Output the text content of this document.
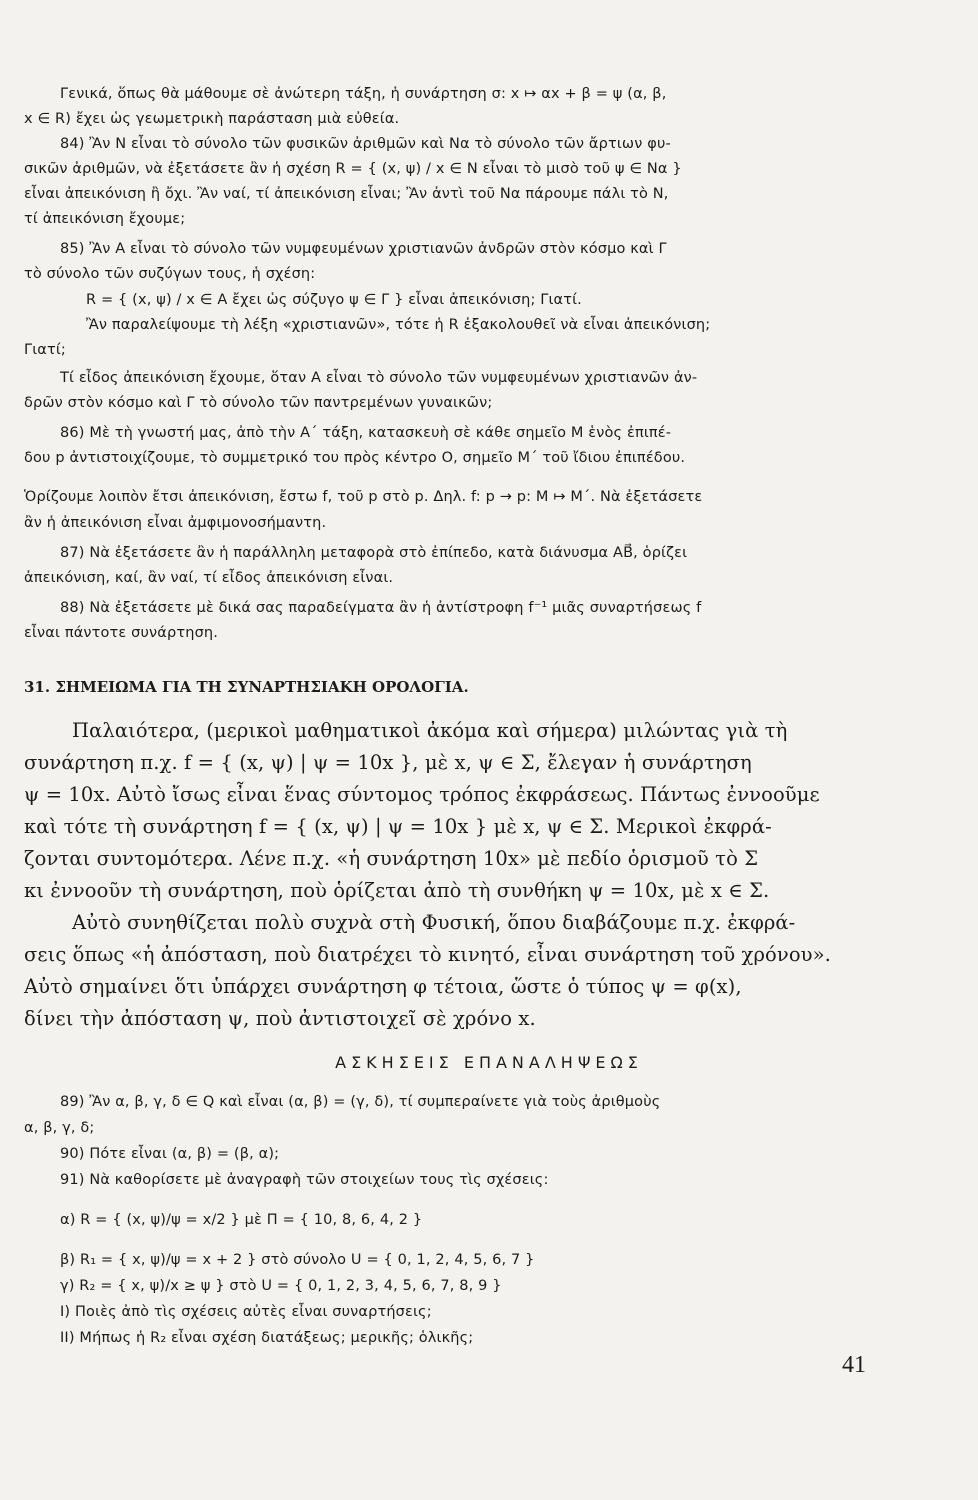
Γενικά, ὅπως θὰ μάθουμε σὲ ἀνώτερη τάξη, ἡ συνάρτηση σ: x ↦ αx + β = ψ (α, β,
x ∈ R) ἔχει ὡς γεωμετρικὴ παράσταση μιὰ εὐθεία.
84) Ἂν N εἶναι τὸ σύνολο τῶν φυσικῶν ἀριθμῶν καὶ Nα τὸ σύνολο τῶν ἄρτιων φυ-
σικῶν ἀριθμῶν, νὰ ἐξετάσετε ἂν ἡ σχέση R = { (x, ψ) / x ∈ N εἶναι τὸ μισὸ τοῦ ψ ∈ Nα }
εἶναι ἀπεικόνιση ἢ ὄχι. Ἂν ναί, τί ἀπεικόνιση εἶναι; Ἂν ἀντὶ τοῦ Nα πάρουμε πάλι τὸ N,
τί ἀπεικόνιση ἔχουμε;
85) Ἂν A εἶναι τὸ σύνολο τῶν νυμφευμένων χριστιανῶν ἀνδρῶν στὸν κόσμο καὶ Γ
τὸ σύνολο τῶν συζύγων τους, ἡ σχέση:
R = { (x, ψ) / x ∈ A ἔχει ὡς σύζυγο ψ ∈ Γ } εἶναι ἀπεικόνιση; Γιατί.
Ἂν παραλείψουμε τὴ λέξη «χριστιανῶν», τότε ἡ R ἐξακολουθεῖ νὰ εἶναι ἀπεικόνιση;
Γιατί;
Τί εἶδος ἀπεικόνιση ἔχουμε, ὅταν A εἶναι τὸ σύνολο τῶν νυμφευμένων χριστιανῶν ἀν-
δρῶν στὸν κόσμο καὶ Γ τὸ σύνολο τῶν παντρεμένων γυναικῶν;
86) Μὲ τὴ γνωστή μας, ἀπὸ τὴν Α΄ τάξη, κατασκευὴ σὲ κάθε σημεῖο M ἑνὸς ἐπιπέ-
δου p ἀντιστοιχίζουμε, τὸ συμμετρικό του πρὸς κέντρο O, σημεῖο M΄ τοῦ ἴδιου ἐπιπέδου.
Ὁρίζουμε λοιπὸν ἔτσι ἀπεικόνιση, ἔστω f, τοῦ p στὸ p. Δηλ. f: p → p: M ↦ M΄. Νὰ ἐξετάσετε
ἂν ἡ ἀπεικόνιση εἶναι ἀμφιμονοσήμαντη.
87) Νὰ ἐξετάσετε ἂν ἡ παράλληλη μεταφορὰ στὸ ἐπίπεδο, κατὰ διάνυσμα AB⃗, ὁρίζει
ἀπεικόνιση, καί, ἂν ναί, τί εἶδος ἀπεικόνιση εἶναι.
88) Νὰ ἐξετάσετε μὲ δικά σας παραδείγματα ἂν ἡ ἀντίστροφη f⁻¹ μιᾶς συναρτήσεως f
εἶναι πάντοτε συνάρτηση.
31. ΣΗΜΕΙΩΜΑ ΓΙΑ ΤΗ ΣΥΝΑΡΤΗΣΙΑΚΗ ΟΡΟΛΟΓΙΑ.
Παλαιότερα, (μερικοὶ μαθηματικοὶ ἀκόμα καὶ σήμερα) μιλώντας γιὰ τὴ
συνάρτηση π.χ. f = { (x, ψ) | ψ = 10x }, μὲ x, ψ ∈ Σ, ἔλεγαν ἡ συνάρτηση
ψ = 10x. Αὐτὸ ἴσως εἶναι ἕνας σύντομος τρόπος ἐκφράσεως. Πάντως ἐννοοῦμε
καὶ τότε τὴ συνάρτηση f = { (x, ψ) | ψ = 10x } μὲ x, ψ ∈ Σ. Μερικοὶ ἐκφρά-
ζονται συντομότερα. Λένε π.χ. «ἡ συνάρτηση 10x» μὲ πεδίο ὁρισμοῦ τὸ Σ
κι ἐννοοῦν τὴ συνάρτηση, ποὺ ὁρίζεται ἀπὸ τὴ συνθήκη ψ = 10x, μὲ x ∈ Σ.
Αὐτὸ συνηθίζεται πολὺ συχνὰ στὴ Φυσική, ὅπου διαβάζουμε π.χ. ἐκφρά-
σεις ὅπως «ἡ ἀπόσταση, ποὺ διατρέχει τὸ κινητό, εἶναι συνάρτηση τοῦ χρόνου».
Αὐτὸ σημαίνει ὅτι ὑπάρχει συνάρτηση φ τέτοια, ὥστε ὁ τύπος ψ = φ(x),
δίνει τὴν ἀπόσταση ψ, ποὺ ἀντιστοιχεῖ σὲ χρόνο x.
ΑΣΚΗΣΕΙΣ ΕΠΑΝΑΛΗΨΕΩΣ
89) Ἂν α, β, γ, δ ∈ Q καὶ εἶναι (α, β) = (γ, δ), τί συμπεραίνετε γιὰ τοὺς ἀριθμοὺς
α, β, γ, δ;
90) Πότε εἶναι (α, β) = (β, α);
91) Νὰ καθορίσετε μὲ ἀναγραφὴ τῶν στοιχείων τους τὶς σχέσεις:
α) R = { (x, ψ)/ψ = x/2 } μὲ Π = { 10, 8, 6, 4, 2 }
β) R₁ = { x, ψ)/ψ = x + 2 } στὸ σύνολο U = { 0, 1, 2, 4, 5, 6, 7 }
γ) R₂ = { x, ψ)/x ≥ ψ } στὸ U = { 0, 1, 2, 3, 4, 5, 6, 7, 8, 9 }
I) Ποιὲς ἀπὸ τὶς σχέσεις αὐτὲς εἶναι συναρτήσεις;
II) Μήπως ἡ R₂ εἶναι σχέση διατάξεως; μερικῆς; ὁλικῆς;
41
